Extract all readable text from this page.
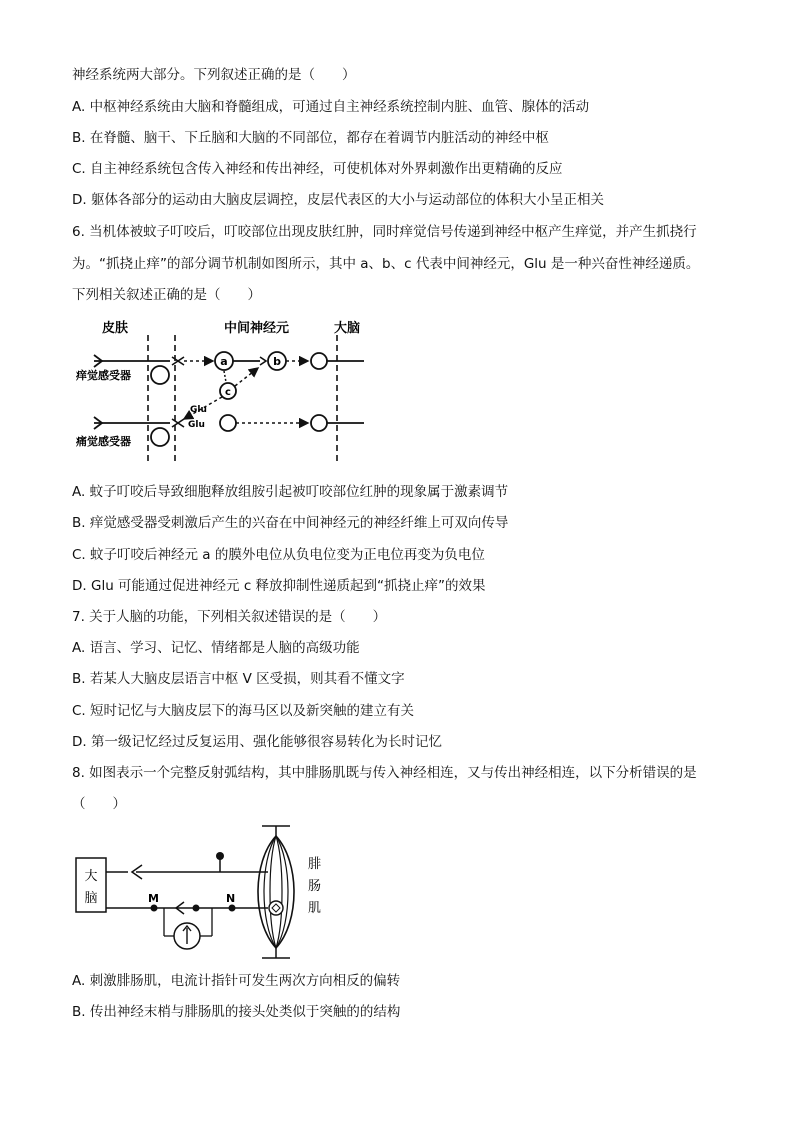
神经系统两大部分。下列叙述正确的是（　　）
A. 中枢神经系统由大脑和脊髓组成，可通过自主神经系统控制内脏、血管、腺体的活动
B. 在脊髓、脑干、下丘脑和大脑的不同部位，都存在着调节内脏活动的神经中枢
C. 自主神经系统包含传入神经和传出神经，可使机体对外界刺激作出更精确的反应
D. 躯体各部分的运动由大脑皮层调控，皮层代表区的大小与运动部位的体积大小呈正相关
6. 当机体被蚊子叮咬后，叮咬部位出现皮肤红肿，同时痒觉信号传递到神经中枢产生痒觉，并产生抓挠行
为。“抓挠止痒”的部分调节机制如图所示，其中 a、b、c 代表中间神经元，Glu 是一种兴奋性神经递质。
下列相关叙述正确的是（　　）
皮肤	中间神经元	大脑
a	b
痒觉感受器
c
Glu
Glu
痛觉感受器
A. 蚊子叮咬后导致细胞释放组胺引起被叮咬部位红肿的现象属于激素调节
B. 痒觉感受器受刺激后产生的兴奋在中间神经元的神经纤维上可双向传导
C. 蚊子叮咬后神经元 a 的膜外电位从负电位变为正电位再变为负电位
D. Glu 可能通过促进神经元 c 释放抑制性递质起到“抓挠止痒”的效果
7. 关于人脑的功能，下列相关叙述错误的是（　　）
A. 语言、学习、记忆、情绪都是人脑的高级功能
B. 若某人大脑皮层语言中枢 V 区受损，则其看不懂文字
C. 短时记忆与大脑皮层下的海马区以及新突触的建立有关
D. 第一级记忆经过反复运用、强化能够很容易转化为长时记忆
8. 如图表示一个完整反射弧结构，其中腓肠肌既与传入神经相连，又与传出神经相连，以下分析错误的是
（　　）
大
脑	M	N
腓
肠
肌
A. 刺激腓肠肌，电流计指针可发生两次方向相反的偏转
B. 传出神经末梢与腓肠肌的接头处类似于突触的的结构
